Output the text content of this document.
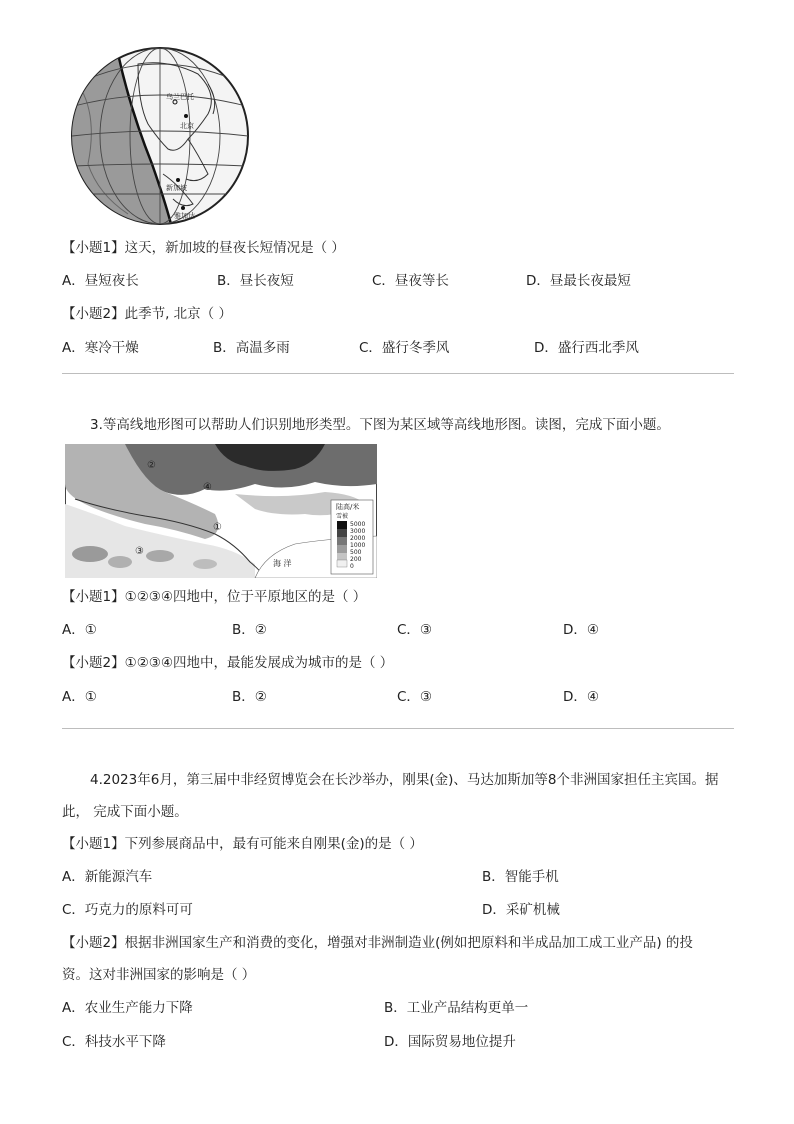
乌兰巴托
北京
新加坡
雅加达
【小题1】这天，新加坡的昼夜长短情况是（ ）
A．昼短夜长	B．昼长夜短	C．昼夜等长	D．昼最长夜最短
【小题2】此季节, 北京（ ）
A．寒冷干燥	B．高温多雨	C．盛行冬季风	D．盛行西北季风
3.等高线地形图可以帮助人们识别地形类型。下图为某区域等高线地形图。读图，完成下面小题。
②
④
①
③
海 洋
陆高/米
雪被
5000
3000
2000
1000
500
200
0
【小题1】①②③④四地中，位于平原地区的是（ ）
A．①	B．②	C．③	D．④
【小题2】①②③④四地中，最能发展成为城市的是（ ）
A．①	B．②	C．③	D．④
4.2023年6月，第三届中非经贸博览会在长沙举办，刚果(金)、马达加斯加等8个非洲国家担任主宾国。据
此， 完成下面小题。
【小题1】下列参展商品中，最有可能来自刚果(金)的是（ ）
A．新能源汽车	B．智能手机
C．巧克力的原料可可	D．采矿机械
【小题2】根据非洲国家生产和消费的变化，增强对非洲制造业(例如把原料和半成品加工成工业产品) 的投
资。这对非洲国家的影响是（ ）
A．农业生产能力下降	B．工业产品结构更单一
C．科技水平下降	D．国际贸易地位提升
